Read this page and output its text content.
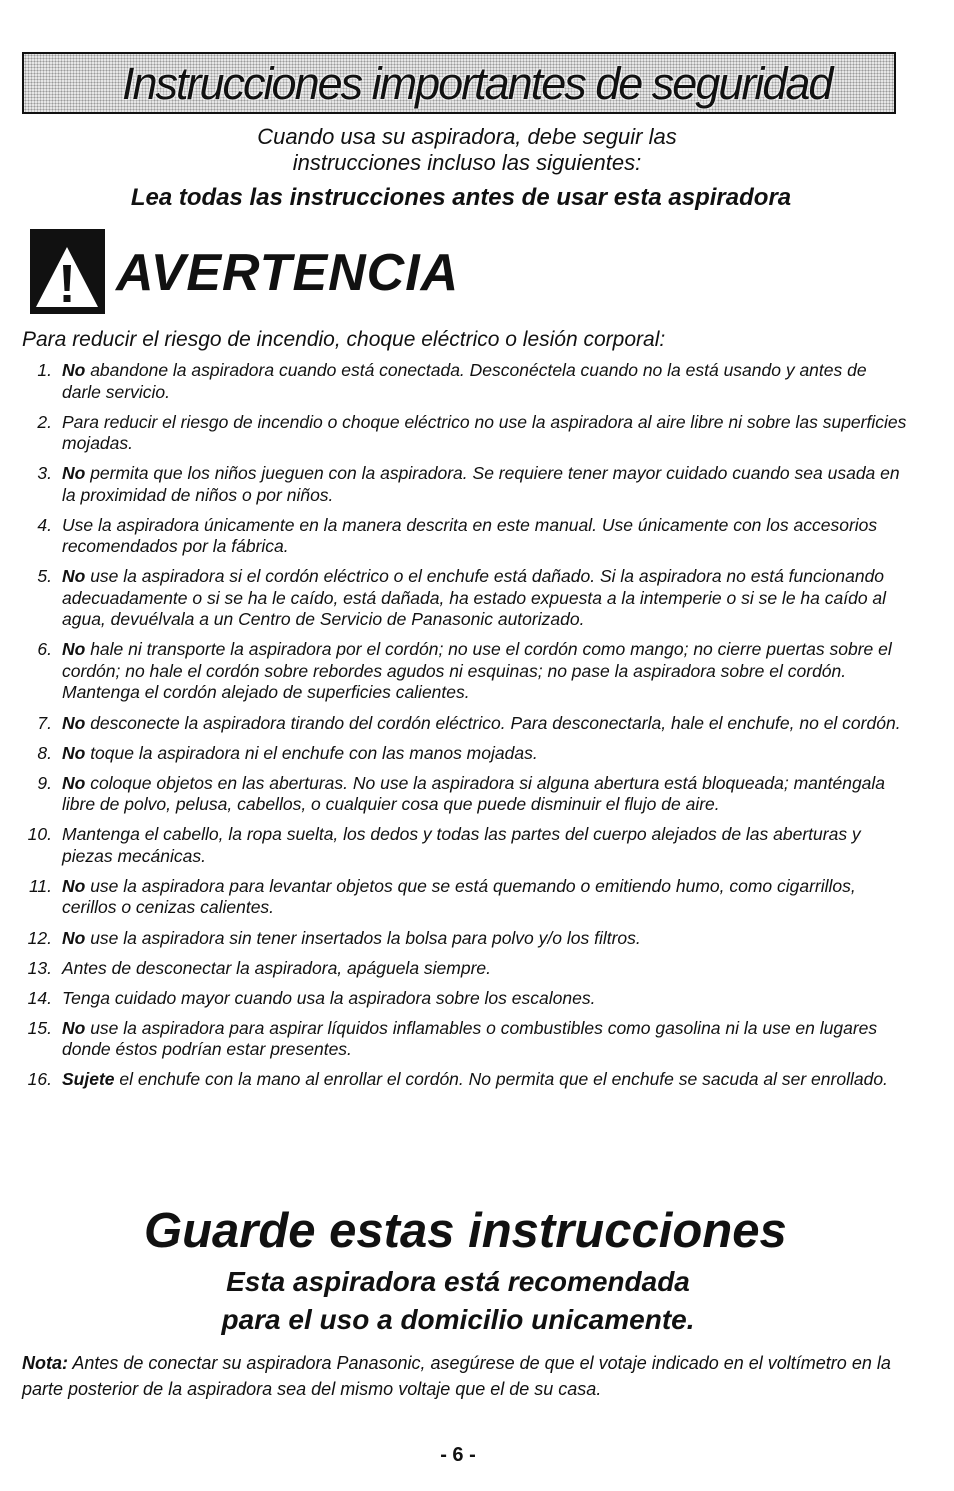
Instrucciones importantes de seguridad
Cuando usa su aspiradora, debe seguir las
instrucciones incluso las siguientes:
Lea todas las instrucciones antes de usar esta aspiradora
AVERTENCIA
Para reducir el riesgo de incendio, choque eléctrico o lesión corporal:
1. No abandone la aspiradora cuando está conectada. Desconéctela cuando no la está usando y antes de darle servicio.
2. Para reducir el riesgo de incendio o choque eléctrico no use la aspiradora al aire libre ni sobre las superficies mojadas.
3. No permita que los niños jueguen con la aspiradora. Se requiere tener mayor cuidado cuando sea usada en la proximidad de niños o por niños.
4. Use la aspiradora únicamente en la manera descrita en este manual. Use únicamente con los accesorios recomendados por la fábrica.
5. No use la aspiradora si el cordón eléctrico o el enchufe está dañado. Si la aspiradora no está funcionando adecuadamente o si se ha le caído, está dañada, ha estado expuesta a la intemperie o si se le ha caído al agua, devuélvala a un Centro de Servicio de Panasonic autorizado.
6. No hale ni transporte la aspiradora por el cordón; no use el cordón como mango; no cierre puertas sobre el cordón; no hale el cordón sobre rebordes agudos ni esquinas; no pase la aspiradora sobre el cordón. Mantenga el cordón alejado de superficies calientes.
7. No desconecte la aspiradora tirando del cordón eléctrico. Para desconectarla, hale el enchufe, no el cordón.
8. No toque la aspiradora ni el enchufe con las manos mojadas.
9. No coloque objetos en las aberturas. No use la aspiradora si alguna abertura está bloqueada; manténgala libre de polvo, pelusa, cabellos, o cualquier cosa que puede disminuir el flujo de aire.
10. Mantenga el cabello, la ropa suelta, los dedos y todas las partes del cuerpo alejados de las aberturas y piezas mecánicas.
11. No use la aspiradora para levantar objetos que se está quemando o emitiendo humo, como cigarrillos, cerillos o cenizas calientes.
12. No use la aspiradora sin tener insertados la bolsa para polvo y/o los filtros.
13. Antes de desconectar la aspiradora, apáguela siempre.
14. Tenga cuidado mayor cuando usa la aspiradora sobre los escalones.
15. No use la aspiradora para aspirar líquidos inflamables o combustibles como gasolina ni la use en lugares donde éstos podrían estar presentes.
16. Sujete el enchufe con la mano al enrollar el cordón. No permita que el enchufe se sacuda al ser enrollado.
Guarde estas instrucciones
Esta aspiradora está recomendada
para el uso a domicilio unicamente.
Nota: Antes de conectar su aspiradora Panasonic, asegúrese de que el votaje indicado en el voltímetro en la parte posterior de la aspiradora sea del mismo voltaje que el de su casa.
- 6 -
